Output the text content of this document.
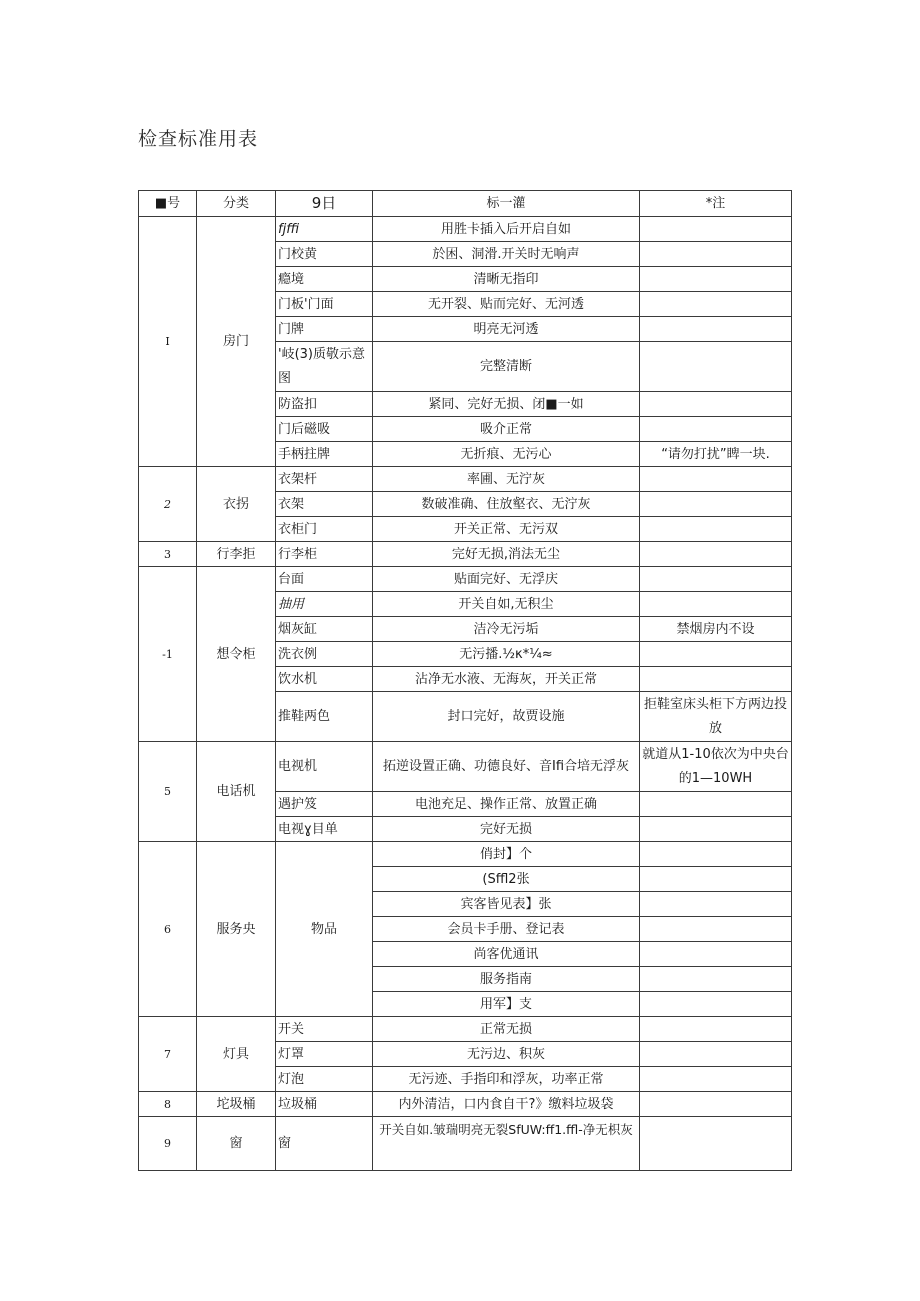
检查标准用表
■号	分类	9日	标一灌	*注
I	房门	fjffi	用胜卡插入后开启自如	
		门校黄	於困、洞滑.开关时无响声	
		瘾境	清晰无指印	
		门板'门面	无开裂、贴而完好、无河透	
		门牌	明亮无河透	
		'岐(3)质敬示意图	完整清断	
		防盗扣	紧同、完好无损、闭■一如	
		门后磁吸	吸介正常	
		手柄拄牌	无折痕、无污心	“请勿打扰”睥一块.
2	衣拐	衣架杆	率圃、无泞灰	
		衣架	数破准确、住放壑衣、无泞灰	
		衣柜门	开关正常、无污双	
3	行李拒	行李柜	完好无损,消法无尘	
-1	想令柜	台面	贴面完好、无浮庆	
		抽用	开关自如,无积尘	
		烟灰缸	洁冷无污垢	禁烟房内不设
		洗衣例	无污播.½κ*¼≈	
		饮水机	沾净无水液、无海灰，开关正常	
		推鞋两色	封口完好，故贾设施	拒鞋室床头柜下方两边投放
5	电话机	电视机	拓逆设置正确、功德良好、音Ifi合培无浮灰	就道从1-10依次为中央台的1—10WH
		遇护笈	电池充足、操作正常、放置正确	
		电视ɣ目单	完好无损	
6	服务央	物品	俏封】个	
			(Sffl2张	
			宾客皆见表】张	
			会员卡手册、登记表	
			尚客优通讯	
			服务指南	
			用军】支	
7	灯具	开关	正常无损	
		灯罩	无污边、积灰	
		灯泡	无污迹、手指印和浮灰，功率正常	
8	坨圾桶	垃圾桶	内外清洁，口内食自干?》缴料垃圾袋	
9	窗	窗	开关自如.皱瑞明亮无裂SfUW:ff1.ffl-净无枳灰	
